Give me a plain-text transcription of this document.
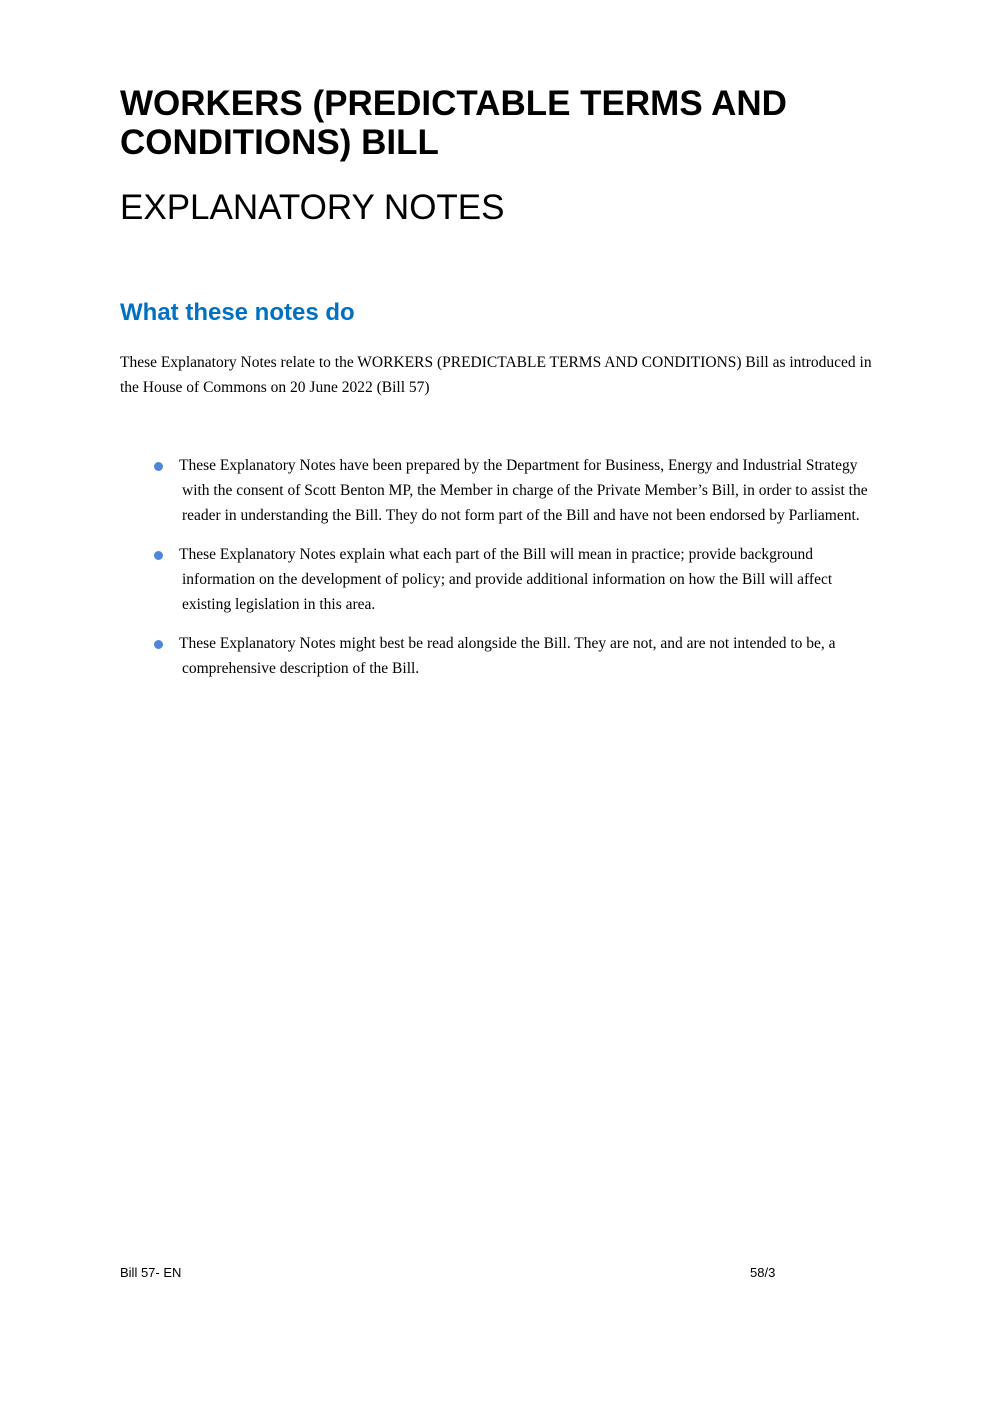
WORKERS (PREDICTABLE TERMS AND CONDITIONS) BILL
EXPLANATORY NOTES
What these notes do

These Explanatory Notes relate to the WORKERS (PREDICTABLE TERMS AND CONDITIONS) Bill as introduced in the House of Commons on 20 June 2022 (Bill 57)

These Explanatory Notes have been prepared by the Department for Business, Energy and Industrial Strategy with the consent of Scott Benton MP, the Member in charge of the Private Member’s Bill, in order to assist the reader in understanding the Bill. They do not form part of the Bill and have not been endorsed by Parliament.
These Explanatory Notes explain what each part of the Bill will mean in practice; provide background information on the development of policy; and provide additional information on how the Bill will affect existing legislation in this area.
These Explanatory Notes might best be read alongside the Bill. They are not, and are not intended to be, a comprehensive description of the Bill.
Bill 57- EN	58/3
